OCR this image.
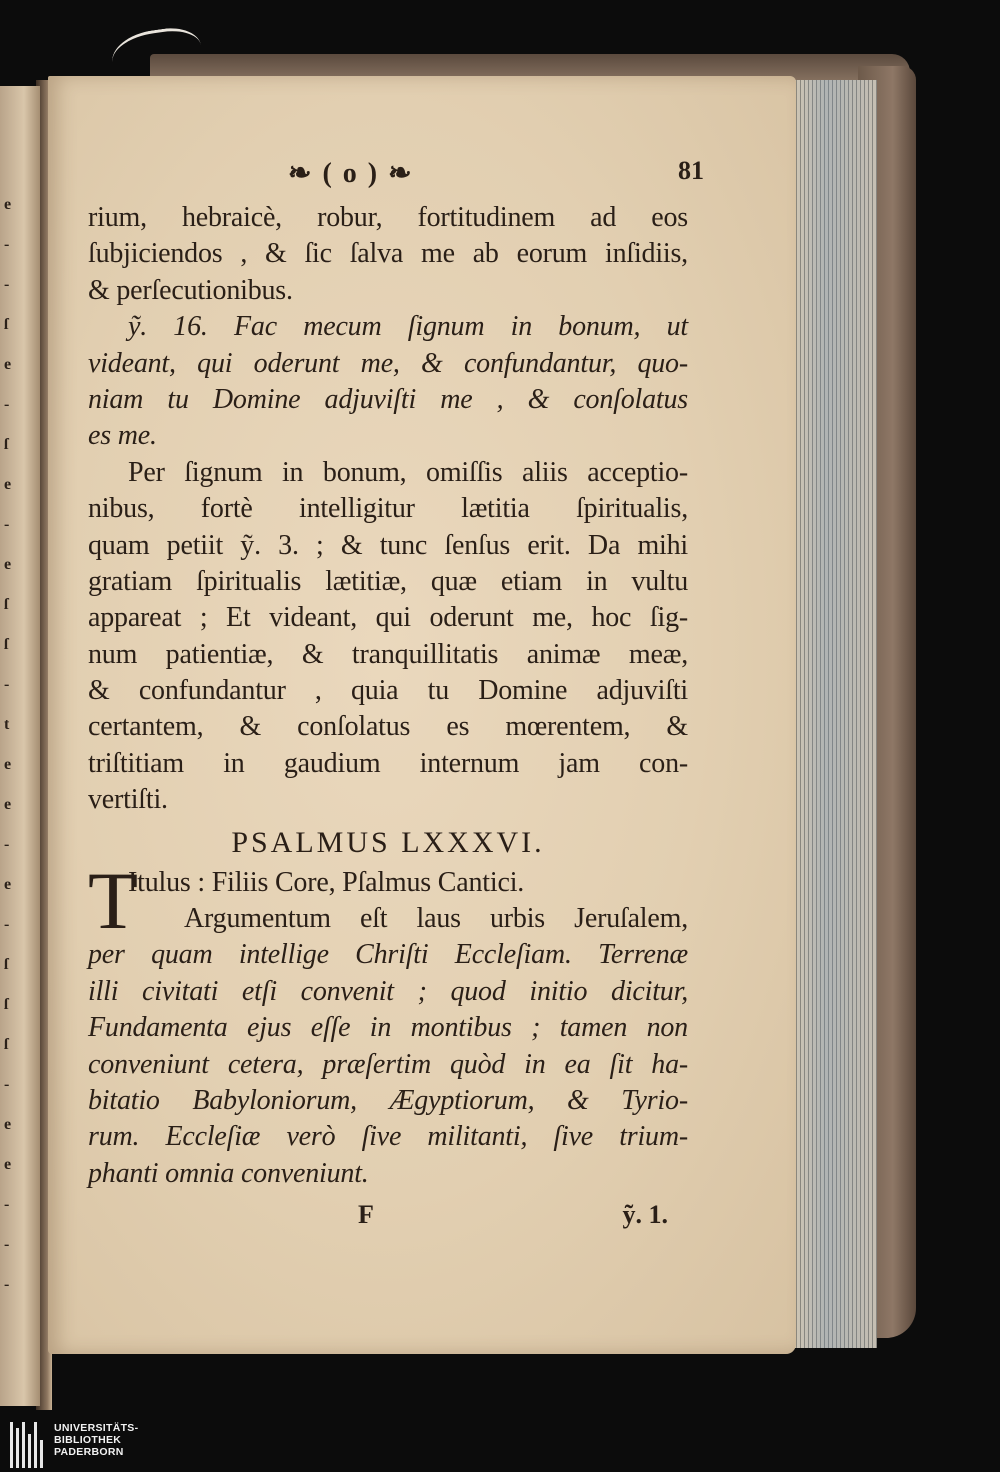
e
-
-
ſ
e
-
ſ
e
-
e
ſ
ſ
-
t
e
e
-
e
-
ſ
ſ
ſ
-
e
e
-
-
-
❧ ( o ) ❧	81
rium, hebraicè, robur, fortitudinem ad eos
ſubjiciendos , & ſic ſalva me ab eorum inſidiis,
& perſecutionibus.
ỹ. 16. Fac mecum ſignum in bonum, ut
videant, qui oderunt me, & confundantur, quo-
niam tu Domine adjuviſti me , & conſolatus
es me.
Per ſignum in bonum, omiſſis aliis acceptio-
nibus, fortè intelligitur lætitia ſpiritualis,
quam petiit ỹ. 3. ; & tunc ſenſus erit. Da mihi
gratiam ſpiritualis lætitiæ, quæ etiam in vultu
appareat ; Et videant, qui oderunt me, hoc ſig-
num patientiæ, & tranquillitatis animæ meæ,
& confundantur , quia tu Domine adjuviſti
certantem, & conſolatus es mœrentem, &
triſtitiam in gaudium internum jam con-
vertiſti.
PSALMUS LXXXVI.
T
Itulus : Filiis Core, Pſalmus Cantici.
Argumentum eſt laus urbis Jeruſalem,
per quam intellige Chriſti Eccleſiam. Terrenæ
illi civitati etſi convenit ; quod initio dicitur,
Fundamenta ejus eſſe in montibus ; tamen non
conveniunt cetera, præſertim quòd in ea ſit ha-
bitatio Babyloniorum, Ægyptiorum, & Tyrio-
rum. Eccleſiæ verò ſive militanti, ſive trium-
phanti omnia conveniunt.
F	ỹ. 1.
UNIVERSITÄTS-
BIBLIOTHEK
PADERBORN
